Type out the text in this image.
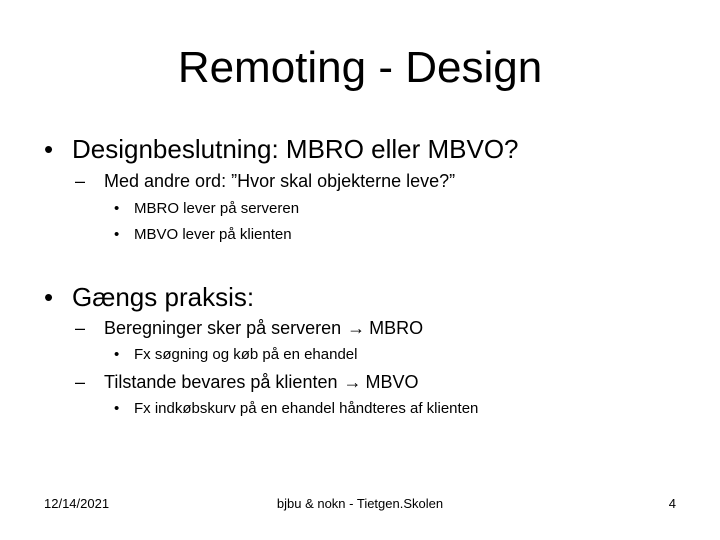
Remoting - Design
• Designbeslutning: MBRO eller MBVO?
– Med andre ord: ”Hvor skal objekterne leve?”
• MBRO lever på serveren
• MBVO lever på klienten
• Gængs praksis:
– Beregninger sker på serveren → MBRO
• Fx søgning og køb på en ehandel
– Tilstande bevares på klienten → MBVO
• Fx indkøbskurv på en ehandel håndteres af klienten
12/14/2021	bjbu & nokn - Tietgen.Skolen	4
